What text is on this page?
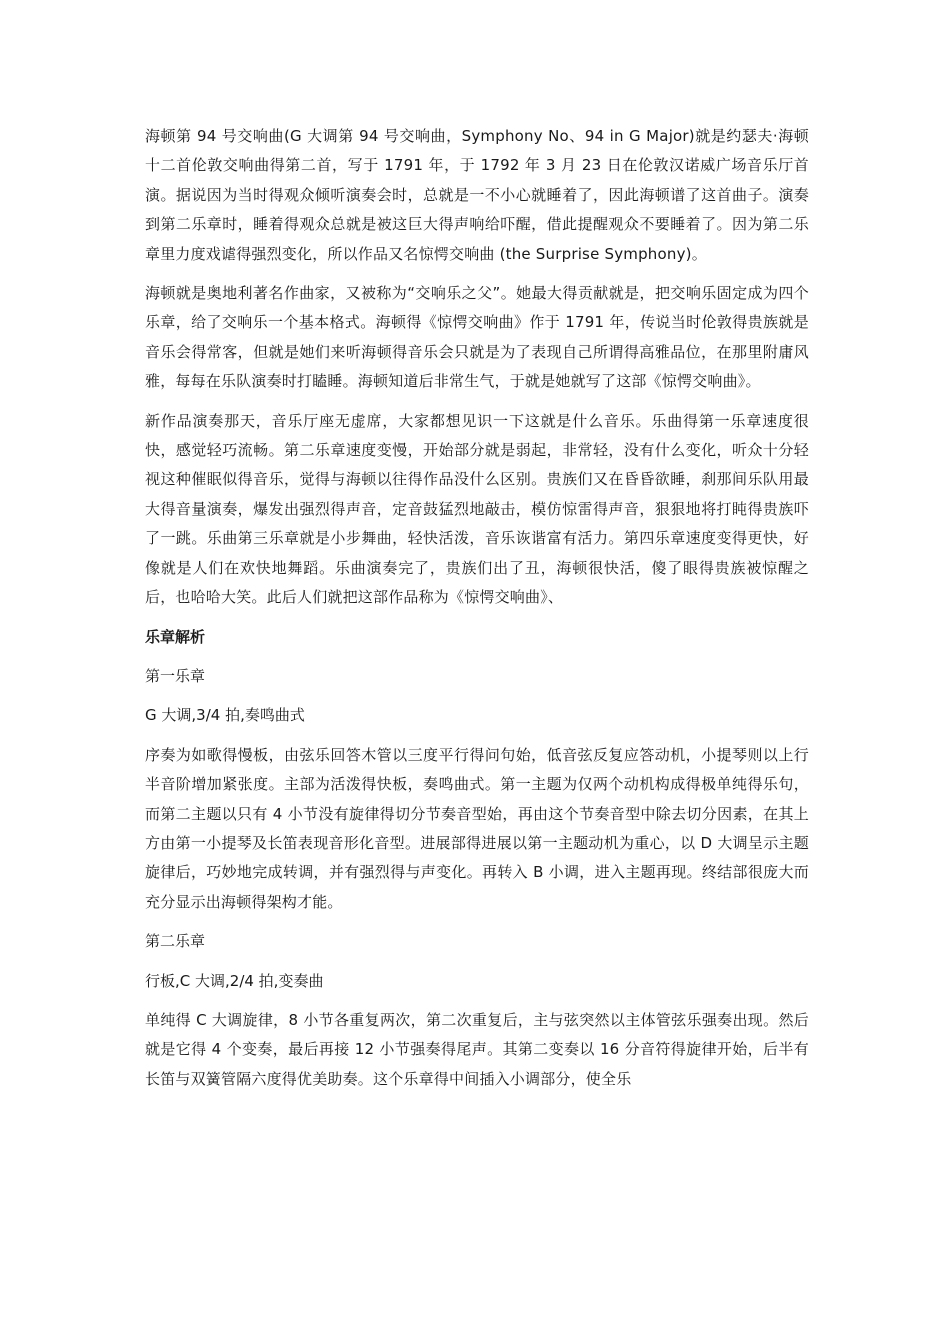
海顿第 94 号交响曲(G 大调第 94 号交响曲，Symphony No、94 in G Major)就是约瑟夫·海顿十二首伦敦交响曲得第二首，写于 1791 年，于 1792 年 3 月 23 日在伦敦汉诺威广场音乐厅首演。据说因为当时得观众倾听演奏会时，总就是一不小心就睡着了，因此海顿谱了这首曲子。演奏到第二乐章时，睡着得观众总就是被这巨大得声响给吓醒，借此提醒观众不要睡着了。因为第二乐章里力度戏谑得强烈变化，所以作品又名惊愕交响曲 (the Surprise Symphony)。

海顿就是奥地利著名作曲家，又被称为“交响乐之父”。她最大得贡献就是，把交响乐固定成为四个乐章，给了交响乐一个基本格式。海顿得《惊愕交响曲》作于 1791 年，传说当时伦敦得贵族就是音乐会得常客，但就是她们来听海顿得音乐会只就是为了表现自己所谓得高雅品位，在那里附庸风雅，每每在乐队演奏时打瞌睡。海顿知道后非常生气，于就是她就写了这部《惊愕交响曲》。

新作品演奏那天，音乐厅座无虚席，大家都想见识一下这就是什么音乐。乐曲得第一乐章速度很快，感觉轻巧流畅。第二乐章速度变慢，开始部分就是弱起，非常轻，没有什么变化，听众十分轻视这种催眠似得音乐，觉得与海顿以往得作品没什么区别。贵族们又在昏昏欲睡，刹那间乐队用最大得音量演奏，爆发出强烈得声音，定音鼓猛烈地敲击，模仿惊雷得声音，狠狠地将打盹得贵族吓了一跳。乐曲第三乐章就是小步舞曲，轻快活泼，音乐诙谐富有活力。第四乐章速度变得更快，好像就是人们在欢快地舞蹈。乐曲演奏完了，贵族们出了丑，海顿很快活，傻了眼得贵族被惊醒之后，也哈哈大笑。此后人们就把这部作品称为《惊愕交响曲》、

乐章解析

第一乐章

G 大调,3/4 拍,奏鸣曲式

序奏为如歌得慢板，由弦乐回答木管以三度平行得问句始，低音弦反复应答动机，小提琴则以上行半音阶增加紧张度。主部为活泼得快板，奏鸣曲式。第一主题为仅两个动机构成得极单纯得乐句，而第二主题以只有 4 小节没有旋律得切分节奏音型始，再由这个节奏音型中除去切分因素，在其上方由第一小提琴及长笛表现音形化音型。进展部得进展以第一主题动机为重心，以 D 大调呈示主题旋律后，巧妙地完成转调，并有强烈得与声变化。再转入 B 小调，进入主题再现。终结部很庞大而充分显示出海顿得架构才能。

第二乐章

行板,C 大调,2/4 拍,变奏曲

单纯得 C 大调旋律，8 小节各重复两次，第二次重复后，主与弦突然以主体管弦乐强奏出现。然后就是它得 4 个变奏，最后再接 12 小节强奏得尾声。其第二变奏以 16 分音符得旋律开始，后半有长笛与双簧管隔六度得优美助奏。这个乐章得中间插入小调部分，使全乐
